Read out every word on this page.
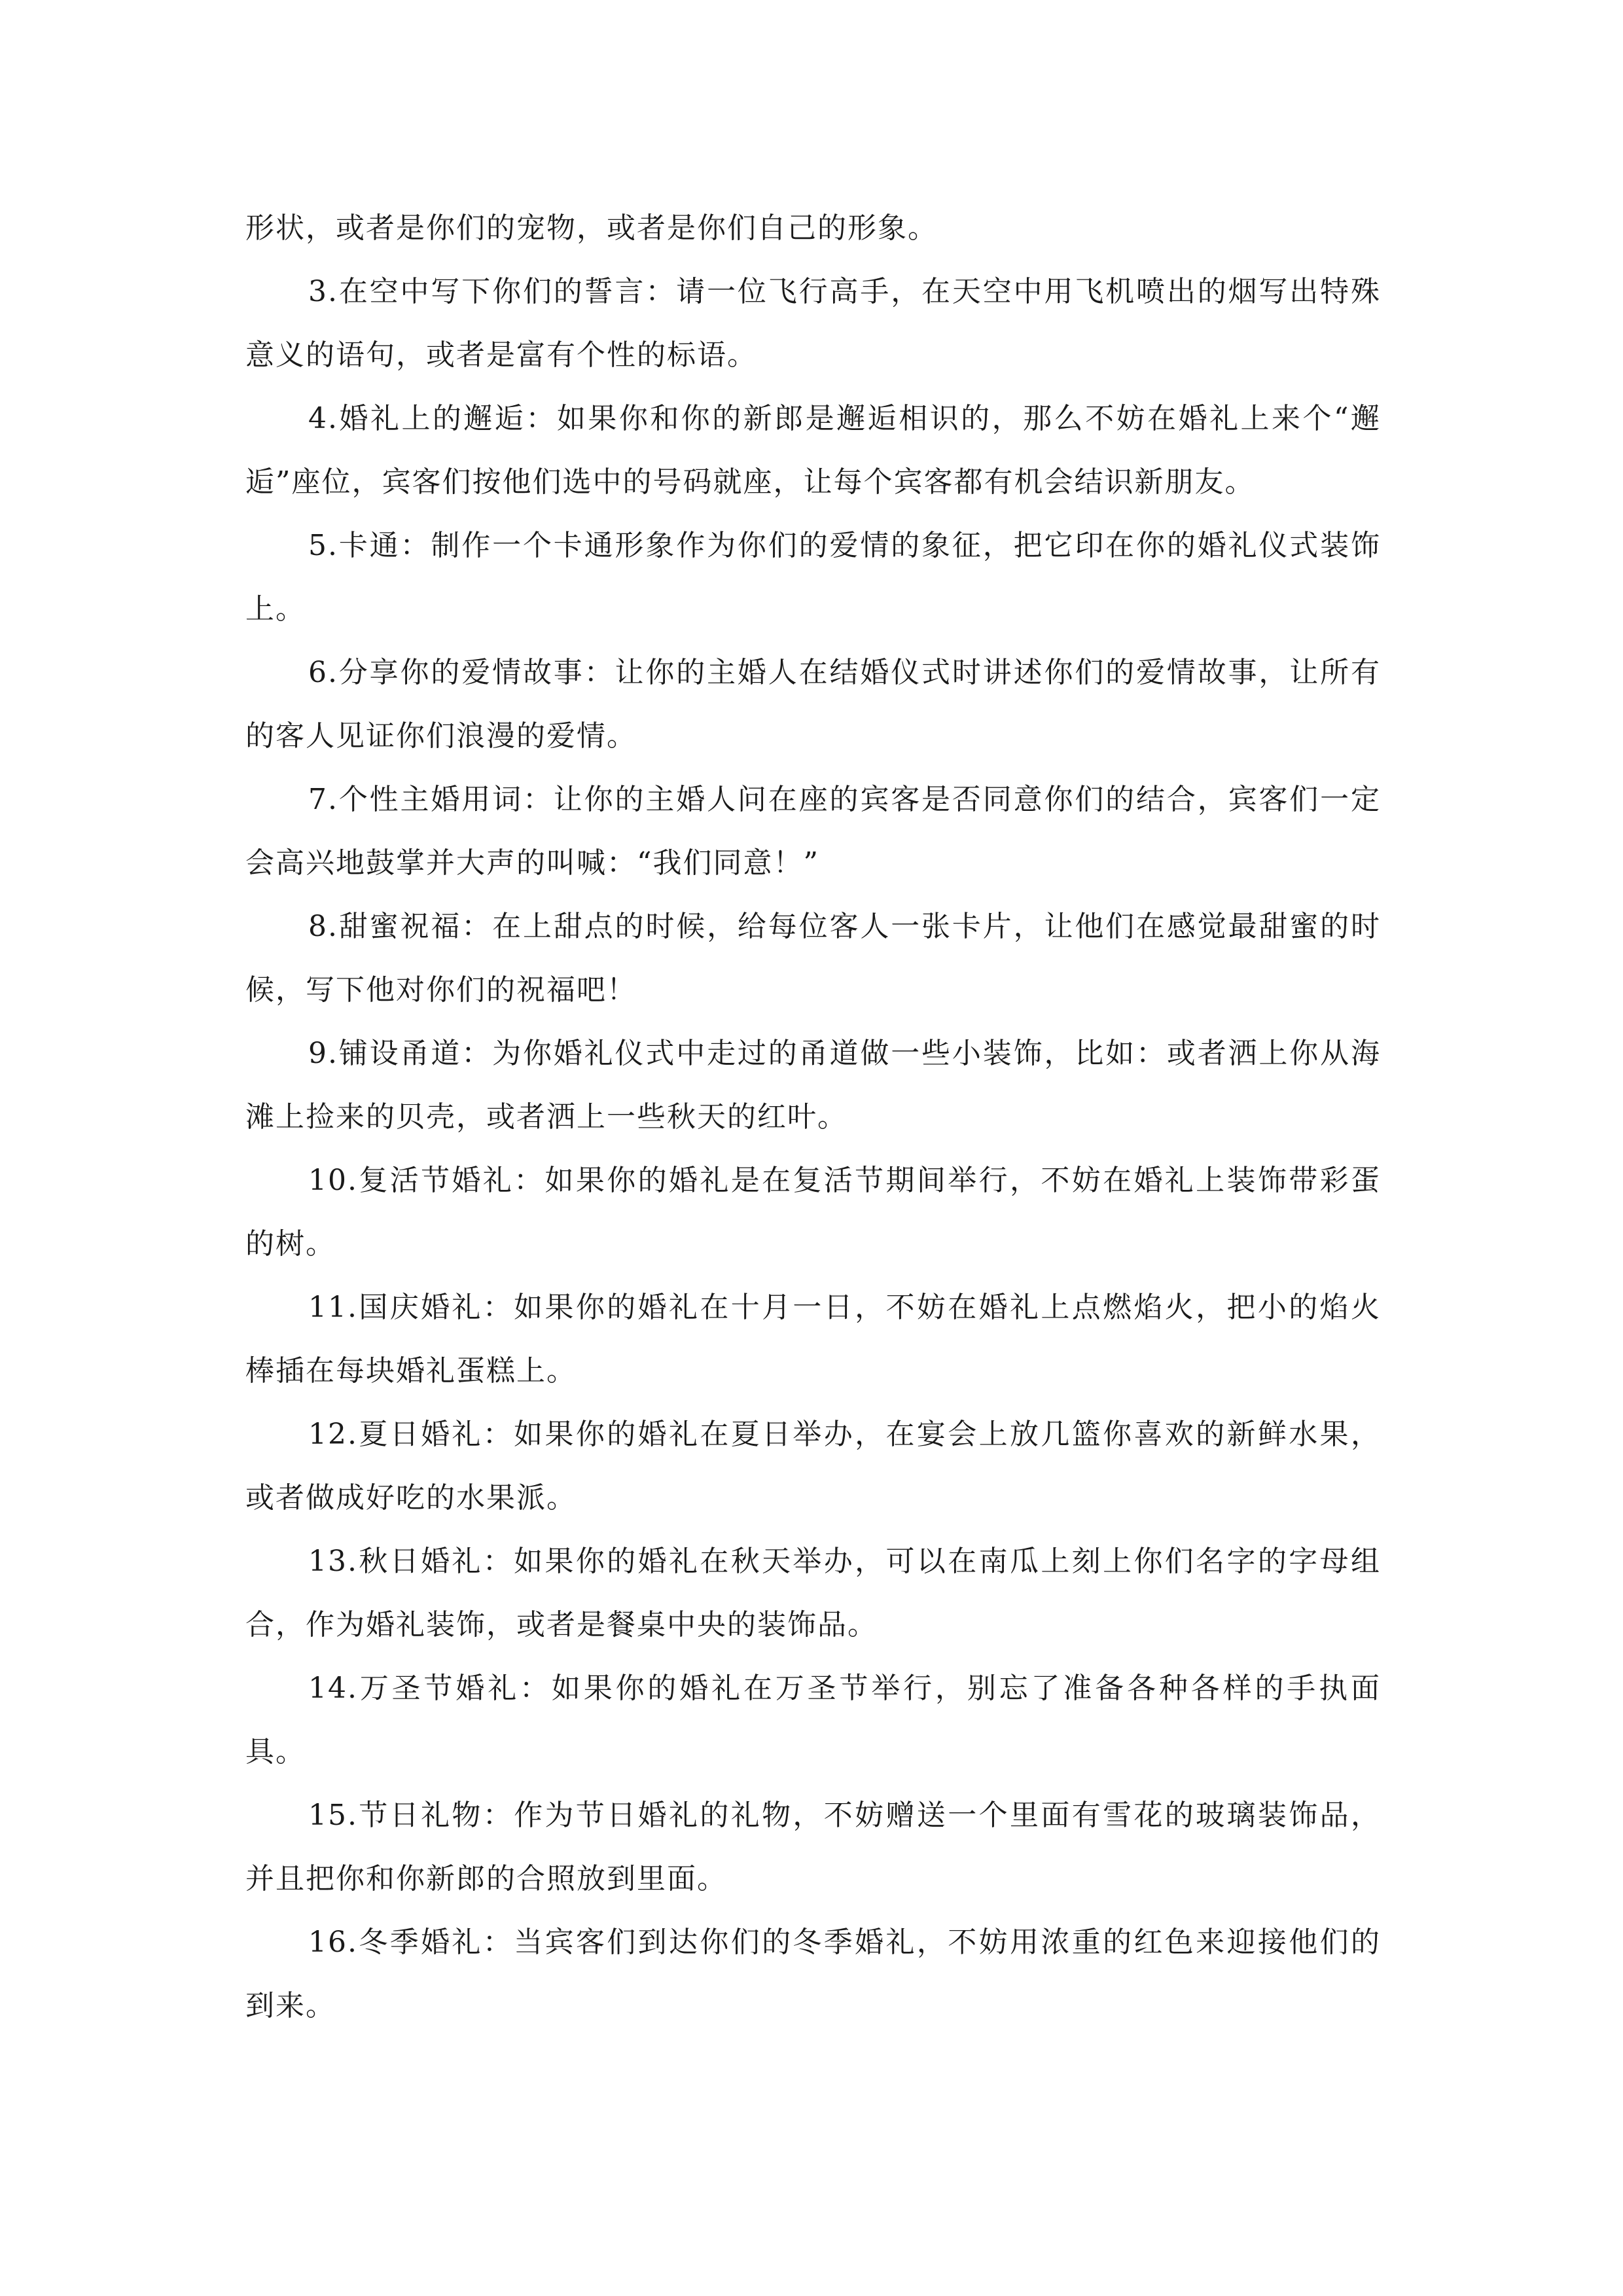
形状，或者是你们的宠物，或者是你们自己的形象。

3.在空中写下你们的誓言：请一位飞行高手，在天空中用飞机喷出的烟写出特殊意义的语句，或者是富有个性的标语。

4.婚礼上的邂逅：如果你和你的新郎是邂逅相识的，那么不妨在婚礼上来个“邂逅”座位，宾客们按他们选中的号码就座，让每个宾客都有机会结识新朋友。

5.卡通：制作一个卡通形象作为你们的爱情的象征，把它印在你的婚礼仪式装饰上。

6.分享你的爱情故事：让你的主婚人在结婚仪式时讲述你们的爱情故事，让所有的客人见证你们浪漫的爱情。

7.个性主婚用词：让你的主婚人问在座的宾客是否同意你们的结合，宾客们一定会高兴地鼓掌并大声的叫喊：“我们同意！”

8.甜蜜祝福：在上甜点的时候，给每位客人一张卡片，让他们在感觉最甜蜜的时候，写下他对你们的祝福吧！

9.铺设甬道：为你婚礼仪式中走过的甬道做一些小装饰，比如：或者洒上你从海滩上捡来的贝壳，或者洒上一些秋天的红叶。

10.复活节婚礼：如果你的婚礼是在复活节期间举行，不妨在婚礼上装饰带彩蛋的树。

11.国庆婚礼：如果你的婚礼在十月一日，不妨在婚礼上点燃焰火，把小的焰火棒插在每块婚礼蛋糕上。

12.夏日婚礼：如果你的婚礼在夏日举办，在宴会上放几篮你喜欢的新鲜水果，或者做成好吃的水果派。

13.秋日婚礼：如果你的婚礼在秋天举办，可以在南瓜上刻上你们名字的字母组合，作为婚礼装饰，或者是餐桌中央的装饰品。

14.万圣节婚礼：如果你的婚礼在万圣节举行，别忘了准备各种各样的手执面具。

15.节日礼物：作为节日婚礼的礼物，不妨赠送一个里面有雪花的玻璃装饰品，并且把你和你新郎的合照放到里面。

16.冬季婚礼：当宾客们到达你们的冬季婚礼，不妨用浓重的红色来迎接他们的到来。
